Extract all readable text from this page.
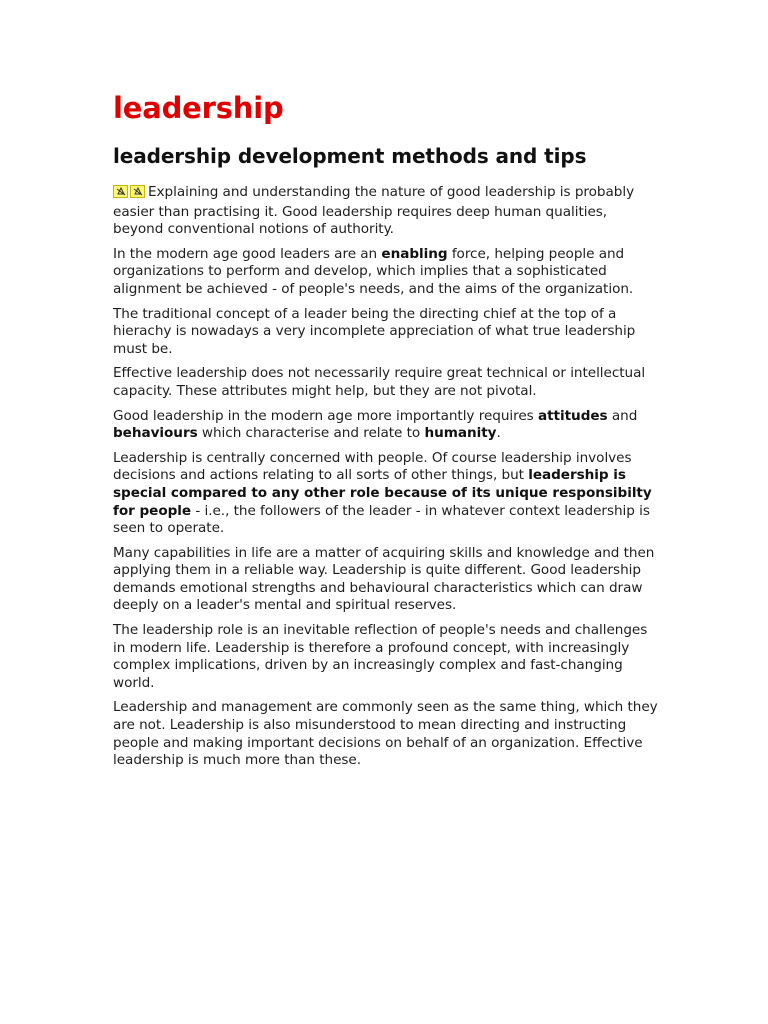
leadership
leadership development methods and tips

Explaining and understanding the nature of good leadership is probably easier than practising it. Good leadership requires deep human qualities, beyond conventional notions of authority.

In the modern age good leaders are an enabling force, helping people and organizations to perform and develop, which implies that a sophisticated alignment be achieved - of people's needs, and the aims of the organization.

The traditional concept of a leader being the directing chief at the top of a hierachy is nowadays a very incomplete appreciation of what true leadership must be.

Effective leadership does not necessarily require great technical or intellectual capacity. These attributes might help, but they are not pivotal.

Good leadership in the modern age more importantly requires attitudes and behaviours which characterise and relate to humanity.

Leadership is centrally concerned with people. Of course leadership involves decisions and actions relating to all sorts of other things, but leadership is special compared to any other role because of its unique responsibilty for people - i.e., the followers of the leader - in whatever context leadership is seen to operate.

Many capabilities in life are a matter of acquiring skills and knowledge and then applying them in a reliable way. Leadership is quite different. Good leadership demands emotional strengths and behavioural characteristics which can draw deeply on a leader's mental and spiritual reserves.

The leadership role is an inevitable reflection of people's needs and challenges in modern life. Leadership is therefore a profound concept, with increasingly complex implications, driven by an increasingly complex and fast-changing world.

Leadership and management are commonly seen as the same thing, which they are not. Leadership is also misunderstood to mean directing and instructing people and making important decisions on behalf of an organization. Effective leadership is much more than these.
